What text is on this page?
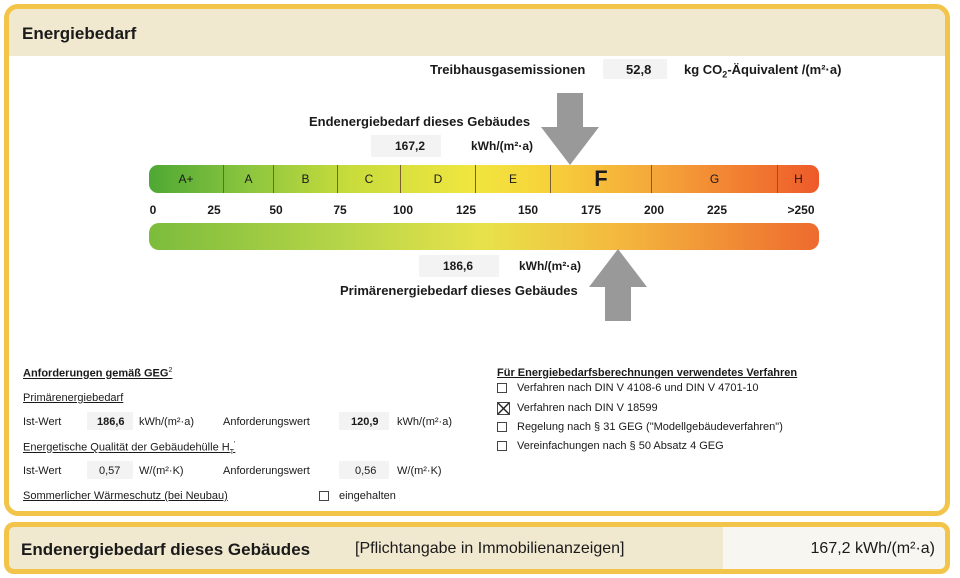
Energiebedarf
Treibhausgasemissionen	52,8	kg $CO_2$-Äquivalent /(m²·a)
Endenergiebedarf dieses Gebäudes
167,2	kWh/(m²·a)
A+	A	B	C	D	E	F	G	H
0	25	50	75	100	125	150	175	200	225	>250
186,6	kWh/(m²·a)
Primärenergiebedarf dieses Gebäudes
Anforderungen gemäß GEG$^2$
Primärenergiebedarf
Ist-Wert	186,6 kWh/(m²·a)	Anforderungswert	120,9 kWh/(m²·a)
Energetische Qualität der Gebäudehülle $H_T'$
Ist-Wert	0,57 W/(m²·K)	Anforderungswert	0,56 W/(m²·K)
Sommerlicher Wärmeschutz (bei Neubau)	eingehalten
Für Energiebedarfsberechnungen verwendetes Verfahren
Verfahren nach DIN V 4108-6 und DIN V 4701-10
Verfahren nach DIN V 18599
Regelung nach § 31 GEG ("Modellgebäudeverfahren")
Vereinfachungen nach § 50 Absatz 4 GEG
Endenergiebedarf dieses Gebäudes	[Pflichtangabe in Immobilienanzeigen]	167,2 kWh/(m²·a)
